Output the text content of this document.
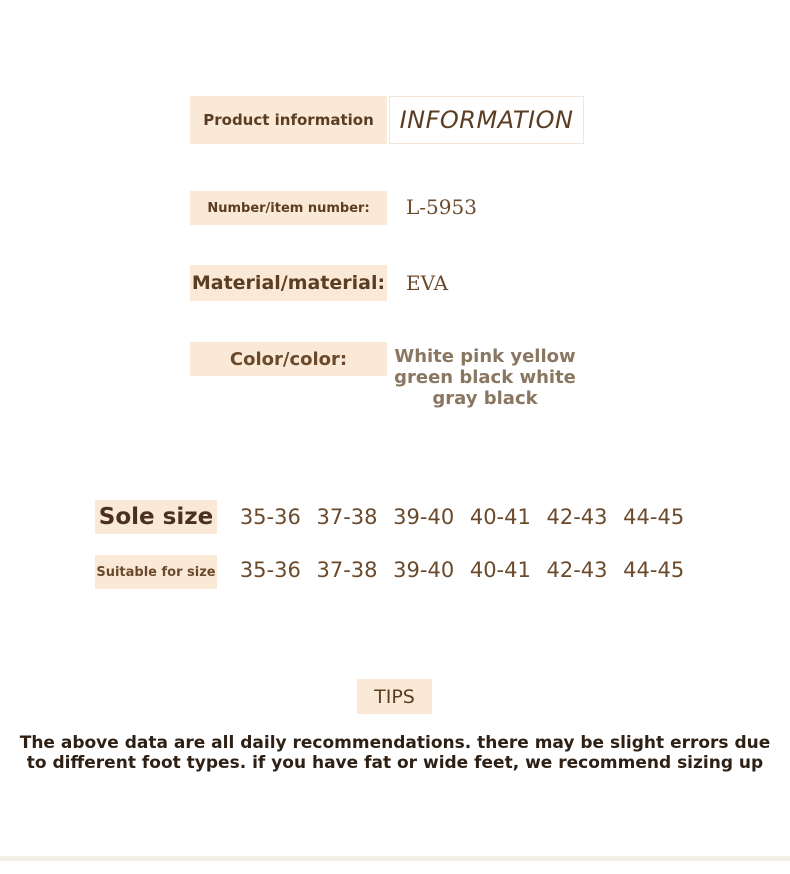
Product information	INFORMATION
Number/item number:	L-5953
Material/material: EVA
Color/color:	White pink yellow green black white gray black
Sole size	35-36 37-38 39-40 40-41 42-43 44-45
Suitable for size	35-36 37-38 39-40 40-41 42-43 44-45
TIPS
The above data are all daily recommendations. there may be slight errors due to different foot types. if you have fat or wide feet, we recommend sizing up
